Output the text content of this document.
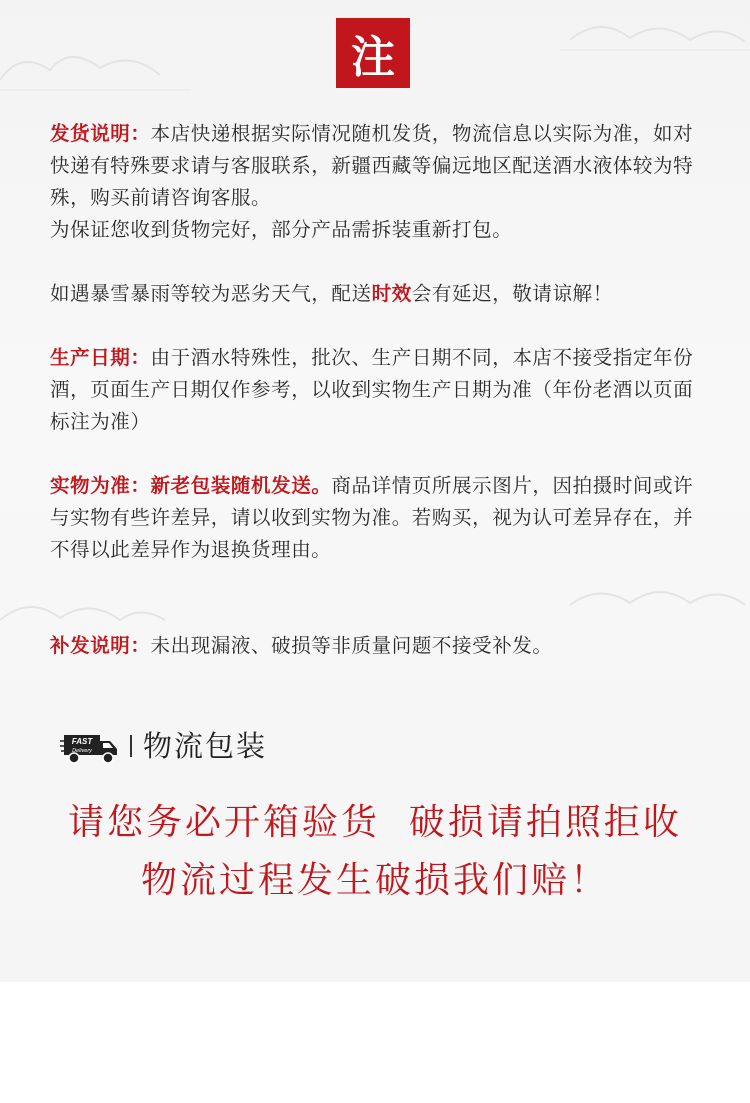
注
发货说明：本店快递根据实际情况随机发货，物流信息以实际为准，如对快递有特殊要求请与客服联系，新疆西藏等偏远地区配送酒水液体较为特殊，购买前请咨询客服。
为保证您收到货物完好，部分产品需拆装重新打包。
如遇暴雪暴雨等较为恶劣天气，配送时效会有延迟，敬请谅解！
生产日期：由于酒水特殊性，批次、生产日期不同，本店不接受指定年份酒，页面生产日期仅作参考，以收到实物生产日期为准（年份老酒以页面标注为准）
实物为准：新老包装随机发送。商品详情页所展示图片，因拍摄时间或许与实物有些许差异，请以收到实物为准。若购买，视为认可差异存在，并不得以此差异作为退换货理由。
补发说明：未出现漏液、破损等非质量问题不接受补发。
FAST
Delivery 物流包装
请您务必开箱验货  破损请拍照拒收
物流过程发生破损我们赔！
